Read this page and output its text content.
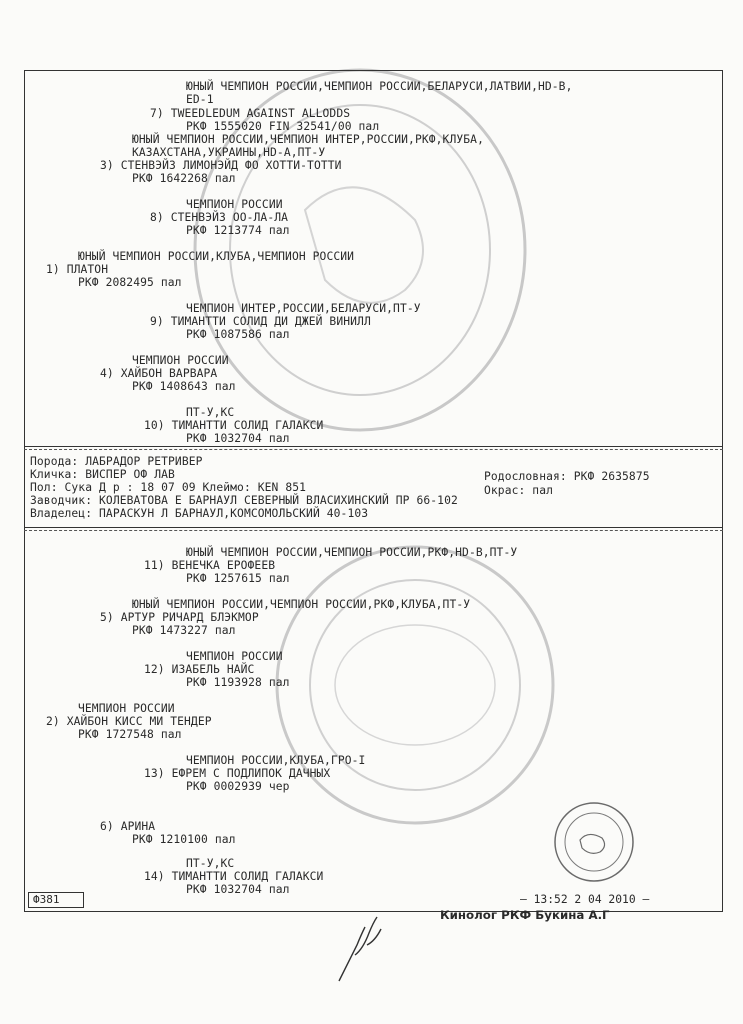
ЮНЫЙ ЧЕМПИОН РОССИИ,ЧЕМПИОН РОССИИ,БЕЛАРУСИ,ЛАТВИИ,HD-B,
ED-1
7) TWEEDLEDUM AGAINST ALLODDS
РКФ 1555020 FIN 32541/00 пал
ЮНЫЙ ЧЕМПИОН РОССИИ,ЧЕМПИОН ИНТЕР,РОССИИ,РКФ,КЛУБА,
КАЗАХСТАНА,УКРАИНЫ,HD-A,ПТ-У
3) СТЕНВЭЙЗ ЛИМОНЭЙД ФО ХОТТИ-ТОТТИ
РКФ 1642268 пал
ЧЕМПИОН РОССИИ
8) СТЕНВЭЙЗ ОО-ЛА-ЛА
РКФ 1213774 пал
ЮНЫЙ ЧЕМПИОН РОССИИ,КЛУБА,ЧЕМПИОН РОССИИ
1) ПЛАТОН
РКФ 2082495 пал
ЧЕМПИОН ИНТЕР,РОССИИ,БЕЛАРУСИ,ПТ-У
9) ТИМАНТТИ СОЛИД ДИ ДЖЕЙ ВИНИЛЛ
РКФ 1087586 пал
ЧЕМПИОН РОССИИ
4) ХАЙБОН ВАРВАРА
РКФ 1408643 пал
ПТ-У,КС
10) ТИМАНТТИ СОЛИД ГАЛАКСИ
РКФ 1032704 пал
Порода: ЛАБРАДОР РЕТРИВЕР
Кличка: ВИСПЕР ОФ ЛАВ	Родословная: РКФ 2635875
Пол: Сука Д р : 18 07 09 Клеймо: KEN 851	Окрас: пал
Заводчик: КОЛЕВАТОВА Е БАРНАУЛ СЕВЕРНЫЙ ВЛАСИХИНСКИЙ ПР 66-102
Владелец: ПАРАСКУН Л БАРНАУЛ,КОМСОМОЛЬСКИЙ 40-103
ЮНЫЙ ЧЕМПИОН РОССИИ,ЧЕМПИОН РОССИИ,РКФ,HD-B,ПТ-У
11) ВЕНЕЧКА ЕРОФЕЕВ
РКФ 1257615 пал
ЮНЫЙ ЧЕМПИОН РОССИИ,ЧЕМПИОН РОССИИ,РКФ,КЛУБА,ПТ-У
5) АРТУР РИЧАРД БЛЭКМОР
РКФ 1473227 пал
ЧЕМПИОН РОССИИ
12) ИЗАБЕЛЬ НАЙС
РКФ 1193928 пал
ЧЕМПИОН РОССИИ
2) ХАЙБОН КИСС МИ ТЕНДЕР
РКФ 1727548 пал
ЧЕМПИОН РОССИИ,КЛУБА,ГРО-I
13) ЕФРЕМ С ПОДЛИПОК ДАЧНЫХ
РКФ 0002939 чер
6) АРИНА
РКФ 1210100 пал
ПТ-У,КС
14) ТИМАНТТИ СОЛИД ГАЛАКСИ
РКФ 1032704 пал
Ф381	— 13:52 2 04 2010 —
Кинолог РКФ Букина А.Г
